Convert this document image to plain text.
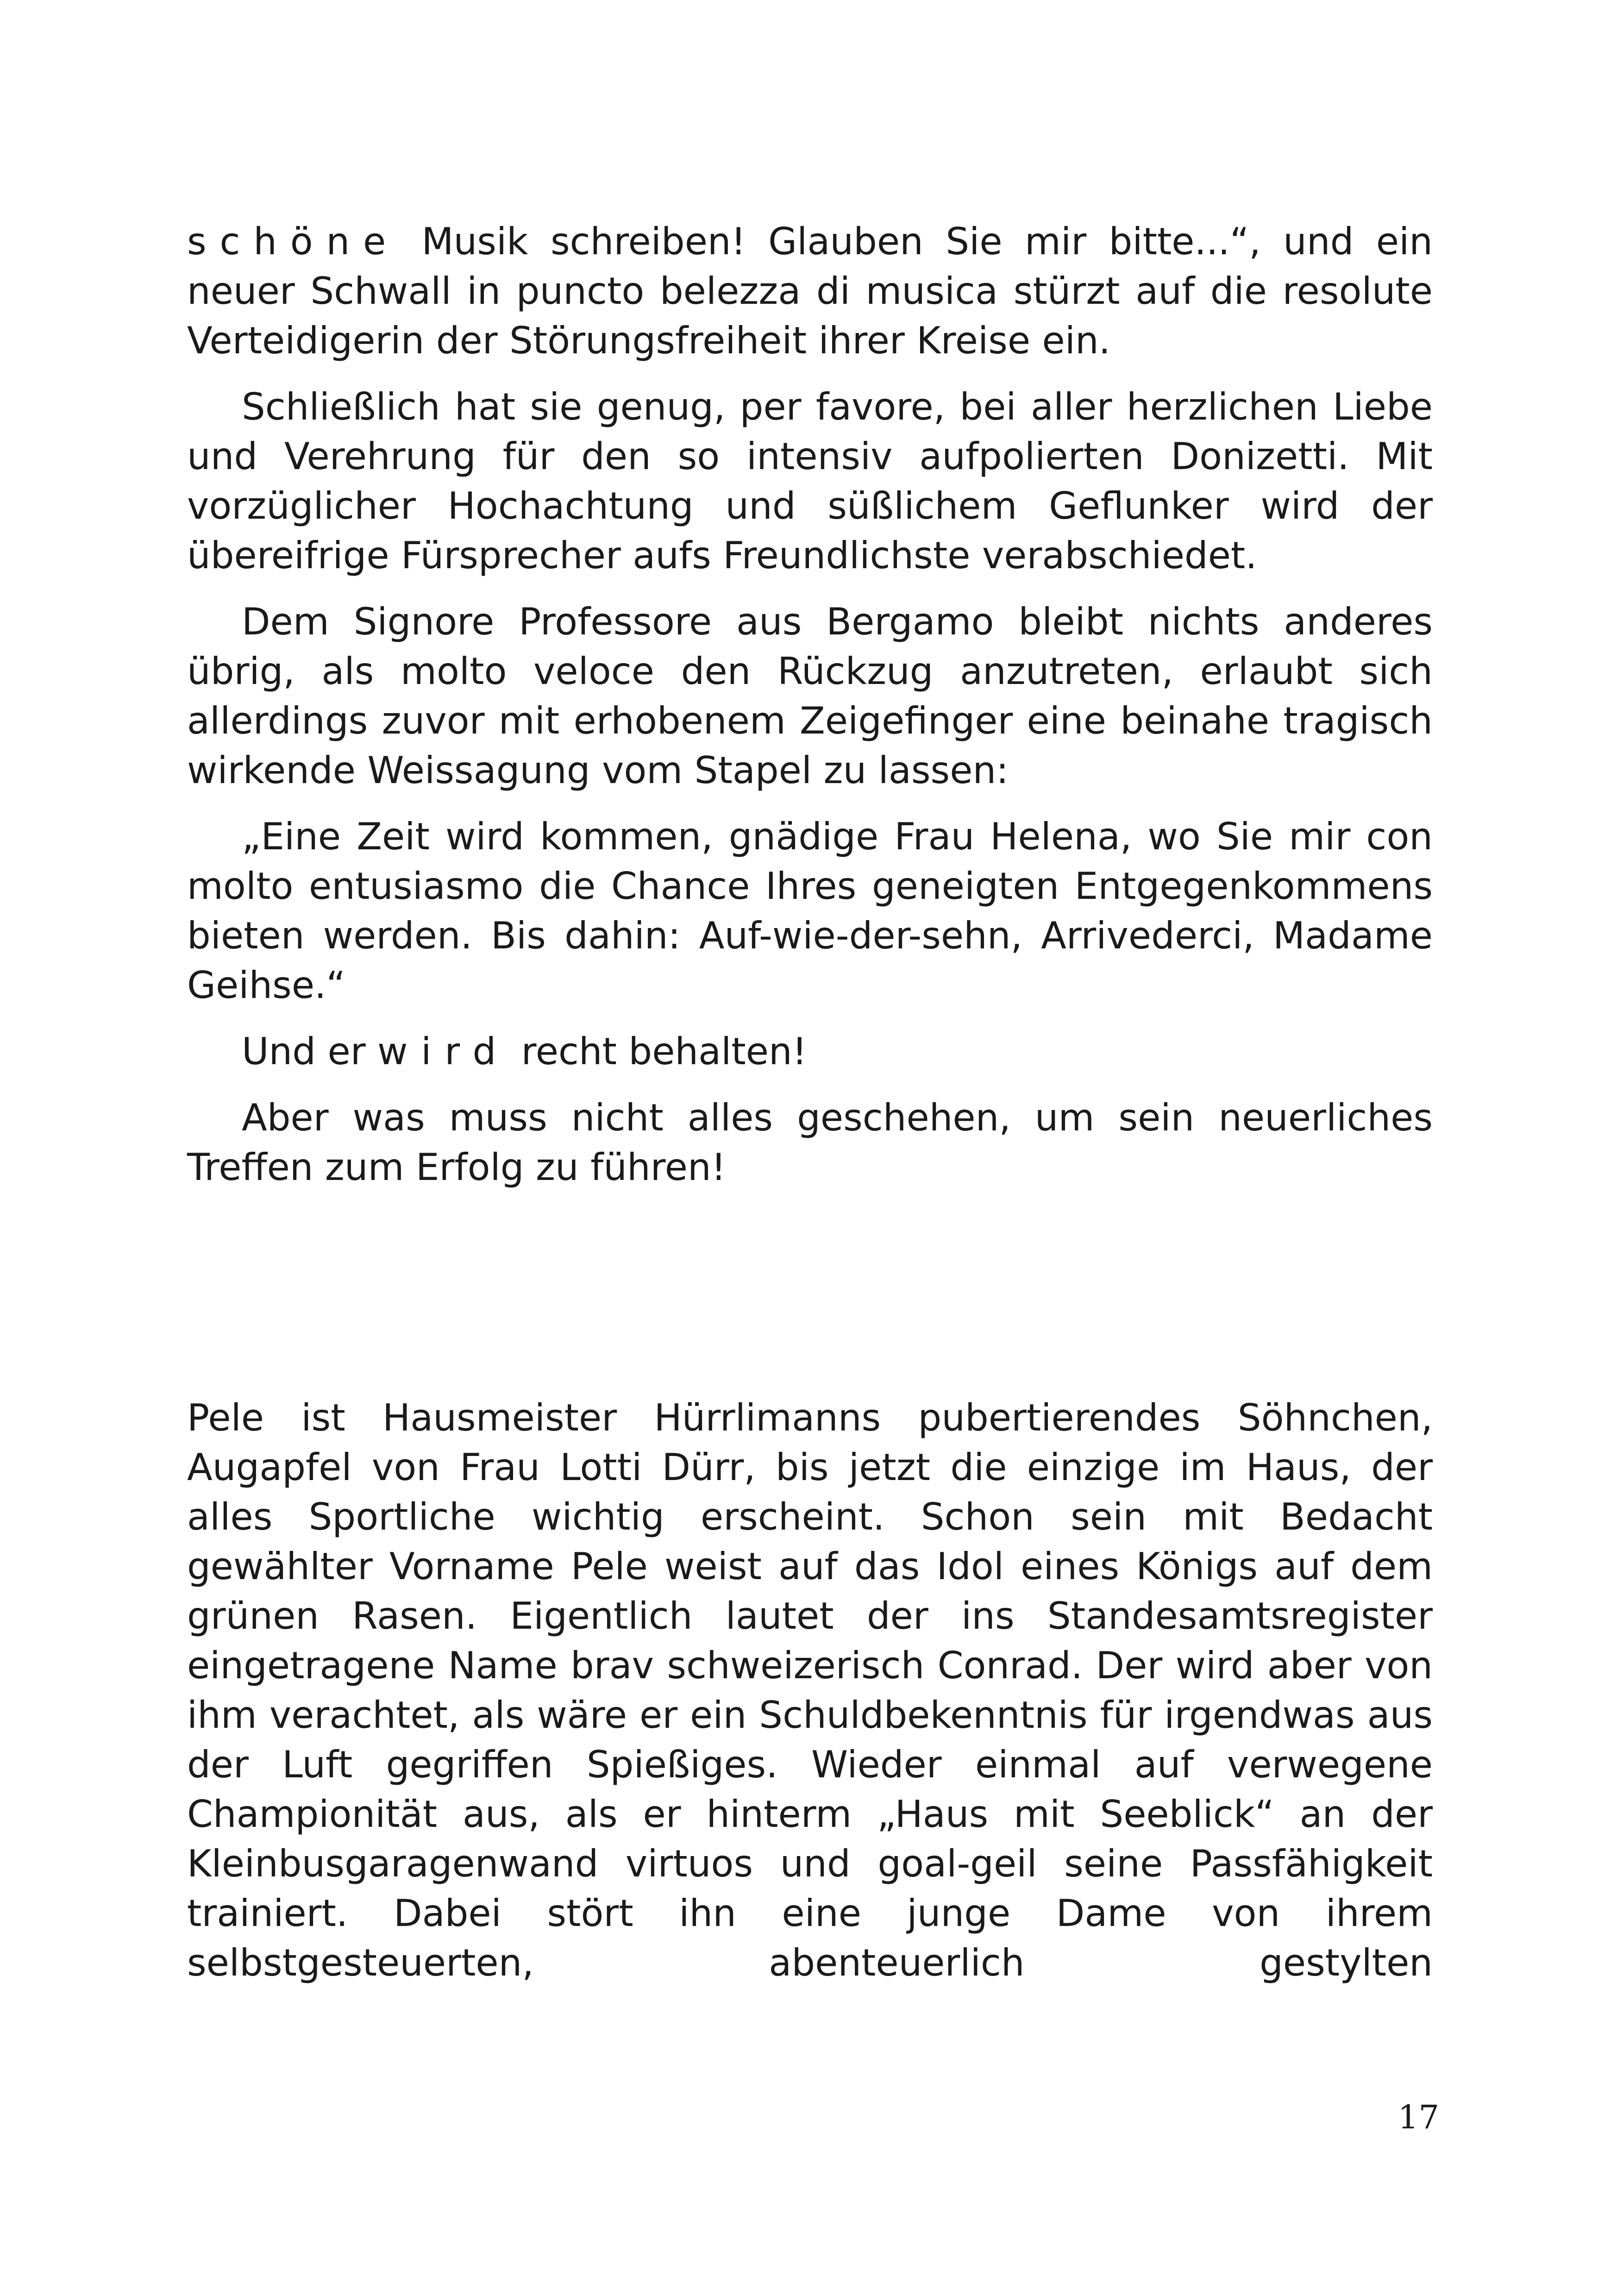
schöne Musik schreiben! Glauben Sie mir bitte...“, und ein neuer Schwall in puncto belezza di musica stürzt auf die resolute Verteidigerin der Störungsfreiheit ihrer Kreise ein.

Schließlich hat sie genug, per favore, bei aller herzlichen Liebe und Verehrung für den so intensiv aufpolierten Donizetti. Mit vorzüglicher Hochachtung und süßlichem Geflunker wird der übereifrige Fürsprecher aufs Freundlichste verabschiedet.

Dem Signore Professore aus Bergamo bleibt nichts anderes übrig, als molto veloce den Rückzug anzutreten, erlaubt sich allerdings zuvor mit erhobenem Zeigefinger eine beinahe tragisch wirkende Weissagung vom Stapel zu lassen:

„Eine Zeit wird kommen, gnädige Frau Helena, wo Sie mir con molto entusiasmo die Chance Ihres geneigten Entgegenkommens bieten werden. Bis dahin: Auf-wie-der-sehn, Arrivederci, Madame Geihse.“

Und er wird recht behalten!

Aber was muss nicht alles geschehen, um sein neuerliches Treffen zum Erfolg zu führen!

Pele ist Hausmeister Hürrlimanns pubertierendes Söhnchen, Augapfel von Frau Lotti Dürr, bis jetzt die einzige im Haus, der alles Sportliche wichtig erscheint. Schon sein mit Bedacht gewählter Vorname Pele weist auf das Idol eines Königs auf dem grünen Rasen. Eigentlich lautet der ins Standesamtsregister eingetragene Name brav schweizerisch Conrad. Der wird aber von ihm verachtet, als wäre er ein Schuldbekenntnis für irgendwas aus der Luft gegriffen Spießiges. Wieder einmal auf verwegene Championität aus, als er hinterm „Haus mit Seeblick“ an der Kleinbusgaragenwand virtuos und goal-geil seine Passfähigkeit trainiert. Dabei stört ihn eine junge Dame von ihrem selbstgesteuerten, abenteuerlich gestylten

17
